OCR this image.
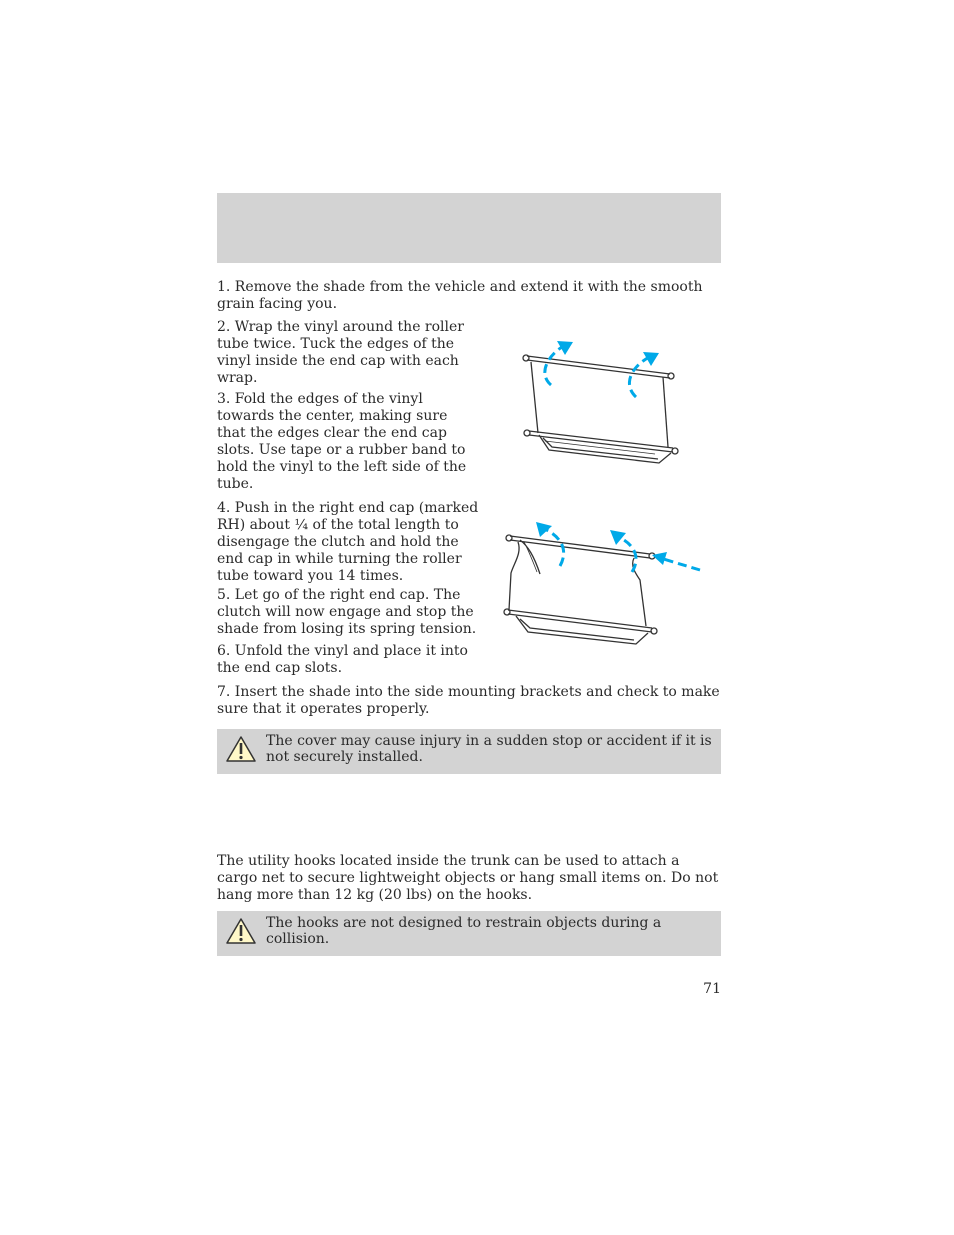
1. Remove the shade from the vehicle and extend it with the smooth grain facing you.

2. Wrap the vinyl around the roller tube twice. Tuck the edges of the vinyl inside the end cap with each wrap.

3. Fold the edges of the vinyl towards the center, making sure that the edges clear the end cap slots. Use tape or a rubber band to hold the vinyl to the left side of the tube.

4. Push in the right end cap (marked RH) about ¼ of the total length to disengage the clutch and hold the end cap in while turning the roller tube toward you 14 times.

5. Let go of the right end cap. The clutch will now engage and stop the shade from losing its spring tension.

6. Unfold the vinyl and place it into the end cap slots.

7. Insert the shade into the side mounting brackets and check to make sure that it operates properly.

The cover may cause injury in a sudden stop or accident if it is not securely installed.

The utility hooks located inside the trunk can be used to attach a cargo net to secure lightweight objects or hang small items on. Do not hang more than 12 kg (20 lbs) on the hooks.

The hooks are not designed to restrain objects during a collision.

71
